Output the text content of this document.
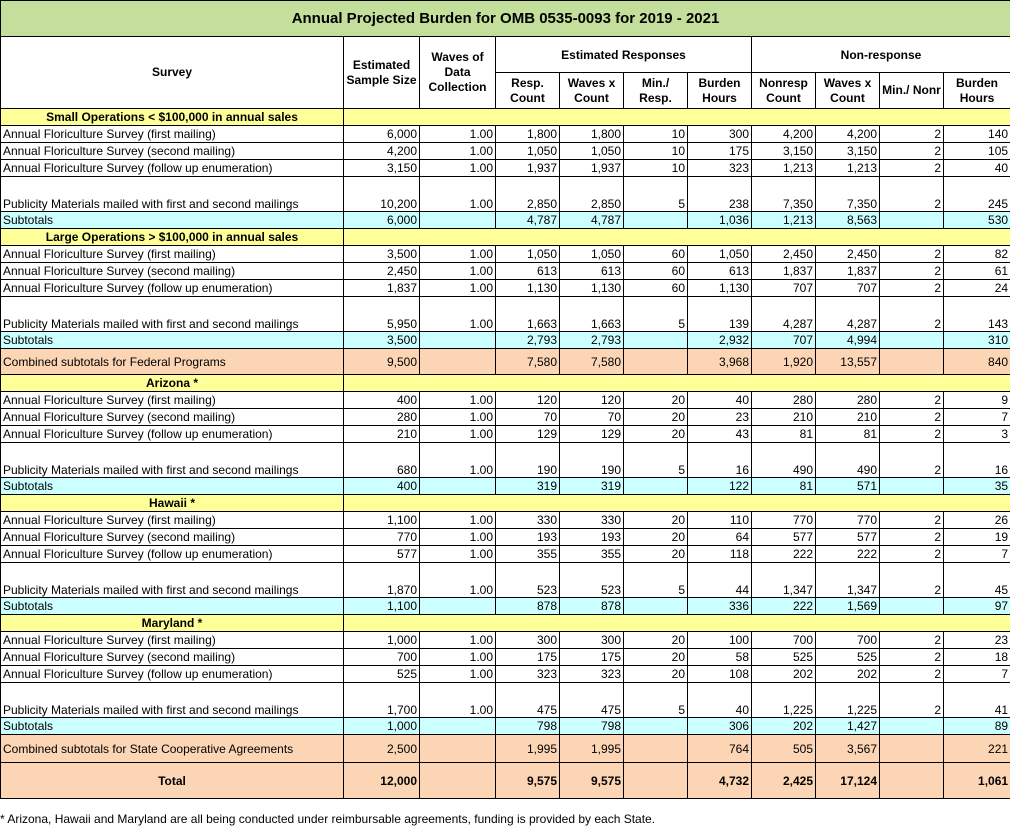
Annual Projected Burden for OMB 0535-0093 for 2019 - 2021										
Survey	Estimated Sample Size	Waves of Data Collection	Estimated Responses				Non-response			
			Resp. Count	Waves x Count	Min./ Resp.	Burden Hours	Nonresp Count	Waves x Count	Min./ Nonr	Burden Hours
Small Operations < $100,000 in annual sales										
Annual Floriculture Survey (first mailing)	6,000	1.00	1,800	1,800	10	300	4,200	4,200	2	140
Annual Floriculture Survey (second mailing)	4,200	1.00	1,050	1,050	10	175	3,150	3,150	2	105
Annual Floriculture Survey (follow up enumeration)	3,150	1.00	1,937	1,937	10	323	1,213	1,213	2	40
Publicity Materials mailed with first and second mailings	10,200	1.00	2,850	2,850	5	238	7,350	7,350	2	245
Subtotals	6,000		4,787	4,787		1,036	1,213	8,563		530
Large Operations > $100,000 in annual sales										
Annual Floriculture Survey (first mailing)	3,500	1.00	1,050	1,050	60	1,050	2,450	2,450	2	82
Annual Floriculture Survey (second mailing)	2,450	1.00	613	613	60	613	1,837	1,837	2	61
Annual Floriculture Survey (follow up enumeration)	1,837	1.00	1,130	1,130	60	1,130	707	707	2	24
Publicity Materials mailed with first and second mailings	5,950	1.00	1,663	1,663	5	139	4,287	4,287	2	143
Subtotals	3,500		2,793	2,793		2,932	707	4,994		310
Combined subtotals for Federal Programs	9,500		7,580	7,580		3,968	1,920	13,557		840
Arizona *										
Annual Floriculture Survey (first mailing)	400	1.00	120	120	20	40	280	280	2	9
Annual Floriculture Survey (second mailing)	280	1.00	70	70	20	23	210	210	2	7
Annual Floriculture Survey (follow up enumeration)	210	1.00	129	129	20	43	81	81	2	3
Publicity Materials mailed with first and second mailings	680	1.00	190	190	5	16	490	490	2	16
Subtotals	400		319	319		122	81	571		35
Hawaii *										
Annual Floriculture Survey (first mailing)	1,100	1.00	330	330	20	110	770	770	2	26
Annual Floriculture Survey (second mailing)	770	1.00	193	193	20	64	577	577	2	19
Annual Floriculture Survey (follow up enumeration)	577	1.00	355	355	20	118	222	222	2	7
Publicity Materials mailed with first and second mailings	1,870	1.00	523	523	5	44	1,347	1,347	2	45
Subtotals	1,100		878	878		336	222	1,569		97
Maryland *										
Annual Floriculture Survey (first mailing)	1,000	1.00	300	300	20	100	700	700	2	23
Annual Floriculture Survey (second mailing)	700	1.00	175	175	20	58	525	525	2	18
Annual Floriculture Survey (follow up enumeration)	525	1.00	323	323	20	108	202	202	2	7
Publicity Materials mailed with first and second mailings	1,700	1.00	475	475	5	40	1,225	1,225	2	41
Subtotals	1,000		798	798		306	202	1,427		89
Combined subtotals for State Cooperative Agreements	2,500		1,995	1,995		764	505	3,567		221
Total	12,000		9,575	9,575		4,732	2,425	17,124		1,061
* Arizona, Hawaii and Maryland are all being conducted under reimbursable agreements, funding is provided by each State.
